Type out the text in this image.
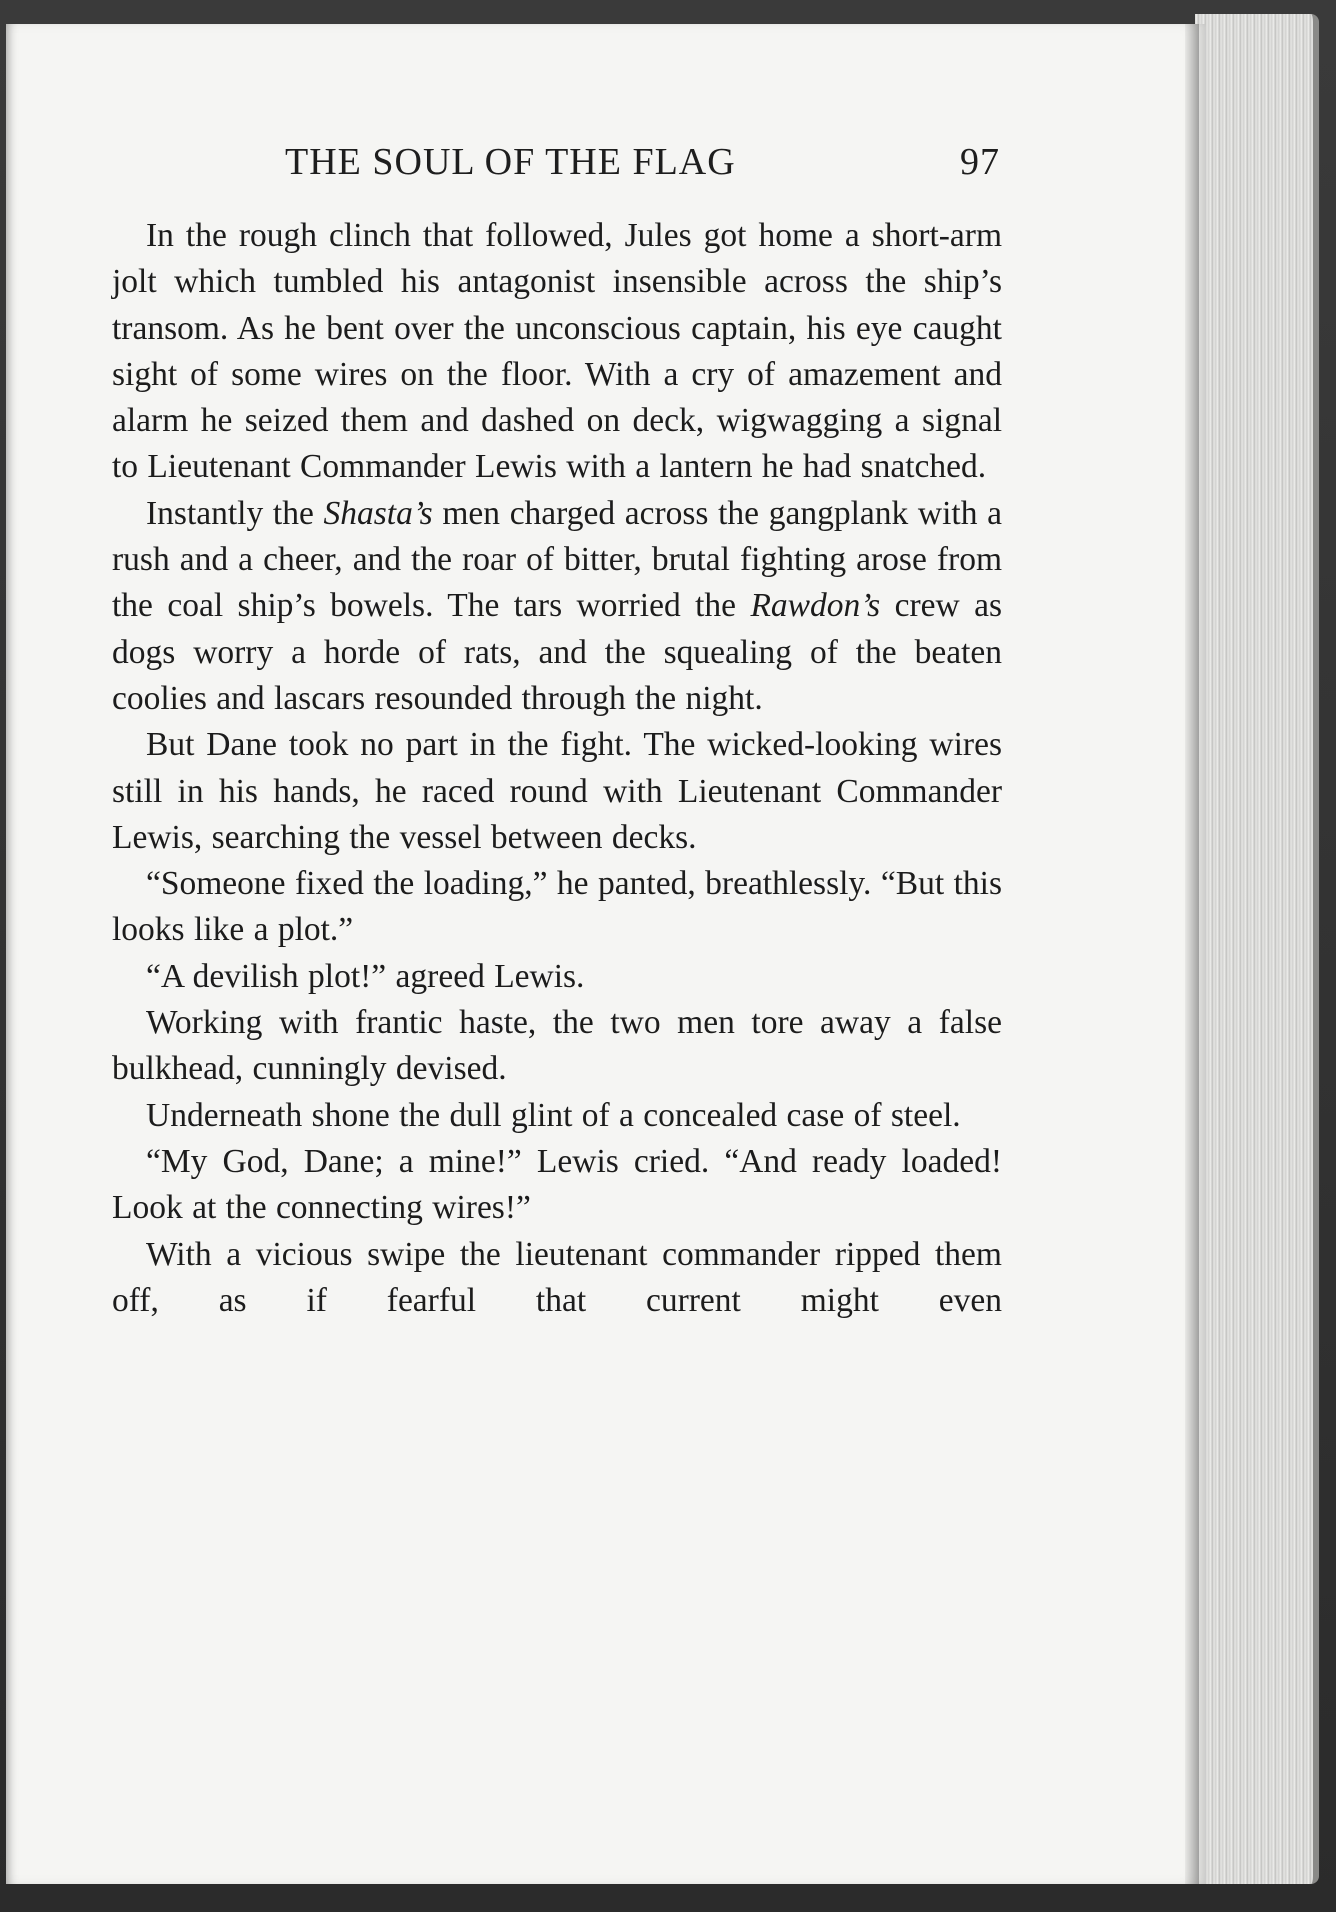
THE SOUL OF THE FLAG	97

In the rough clinch that followed, Jules got home a short-arm jolt which tumbled his antagonist insensible across the ship’s transom. As he bent over the unconscious captain, his eye caught sight of some wires on the floor. With a cry of amazement and alarm he seized them and dashed on deck, wigwagging a signal to Lieutenant Commander Lewis with a lantern he had snatched.

Instantly the Shasta’s men charged across the gangplank with a rush and a cheer, and the roar of bitter, brutal fighting arose from the coal ship’s bowels. The tars worried the Rawdon’s crew as dogs worry a horde of rats, and the squealing of the beaten coolies and lascars resounded through the night.

But Dane took no part in the fight. The wicked-looking wires still in his hands, he raced round with Lieutenant Commander Lewis, searching the vessel between decks.

“Someone fixed the loading,” he panted, breathlessly. “But this looks like a plot.”

“A devilish plot!” agreed Lewis.

Working with frantic haste, the two men tore away a false bulkhead, cunningly devised.

Underneath shone the dull glint of a concealed case of steel.

“My God, Dane; a mine!” Lewis cried. “And ready loaded! Look at the connecting wires!”

With a vicious swipe the lieutenant commander ripped them off, as if fearful that current might even
